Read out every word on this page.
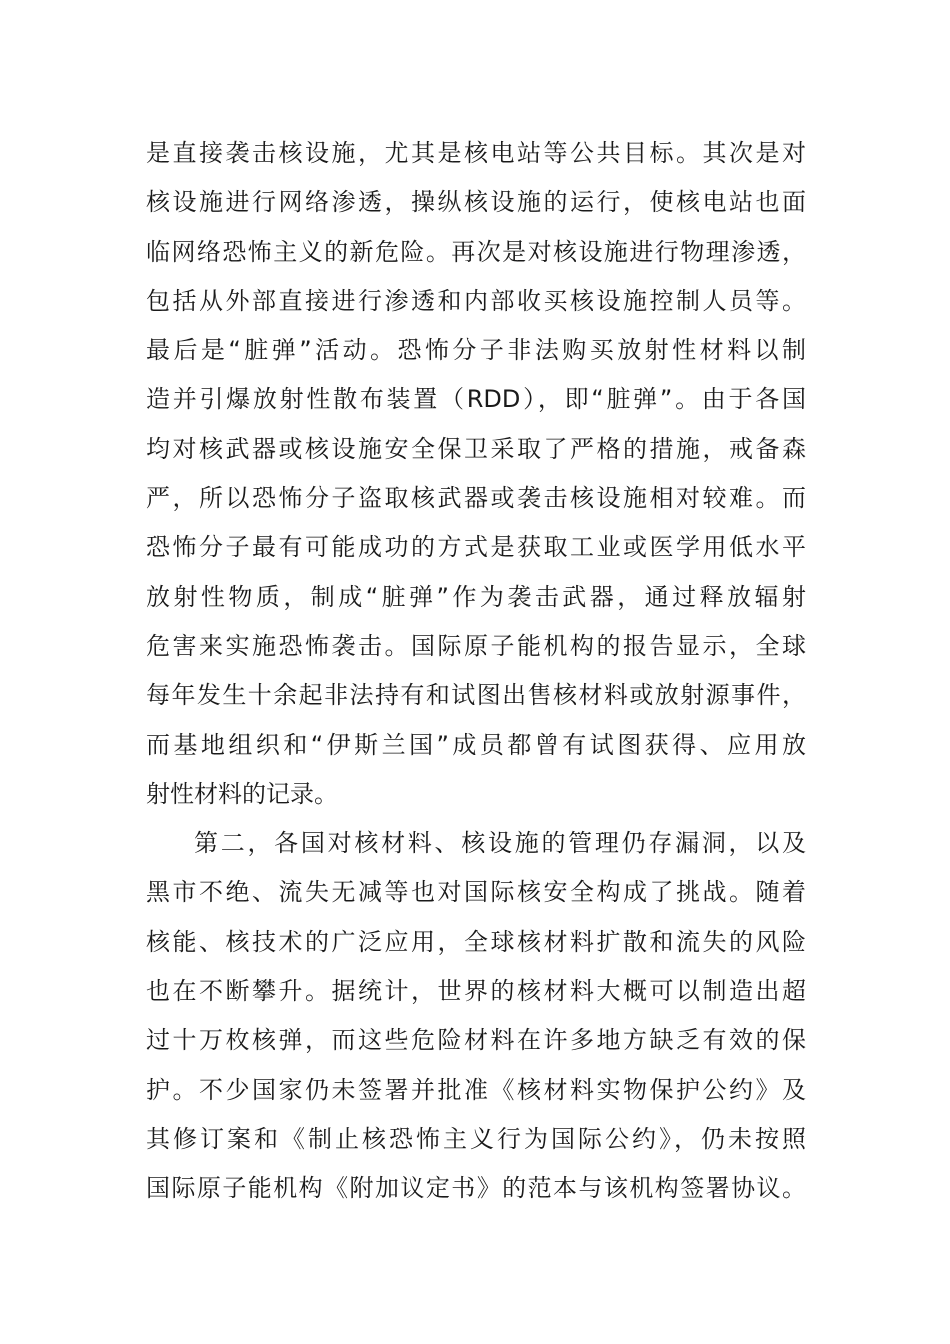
是直接袭击核设施，尤其是核电站等公共目标。其次是对
核设施进行网络渗透，操纵核设施的运行，使核电站也面
临网络恐怖主义的新危险。再次是对核设施进行物理渗透，
包括从外部直接进行渗透和内部收买核设施控制人员等。
最后是“脏弹”活动。恐怖分子非法购买放射性材料以制
造并引爆放射性散布装置（RDD），即“脏弹”。由于各国
均对核武器或核设施安全保卫采取了严格的措施，戒备森
严，所以恐怖分子盗取核武器或袭击核设施相对较难。而
恐怖分子最有可能成功的方式是获取工业或医学用低水平
放射性物质，制成“脏弹”作为袭击武器，通过释放辐射
危害来实施恐怖袭击。国际原子能机构的报告显示，全球
每年发生十余起非法持有和试图出售核材料或放射源事件，
而基地组织和“伊斯兰国”成员都曾有试图获得、应用放
射性材料的记录。
第二，各国对核材料、核设施的管理仍存漏洞，以及
黑市不绝、流失无减等也对国际核安全构成了挑战。随着
核能、核技术的广泛应用，全球核材料扩散和流失的风险
也在不断攀升。据统计，世界的核材料大概可以制造出超
过十万枚核弹，而这些危险材料在许多地方缺乏有效的保
护。不少国家仍未签署并批准《核材料实物保护公约》及
其修订案和《制止核恐怖主义行为国际公约》，仍未按照
国际原子能机构《附加议定书》的范本与该机构签署协议。
